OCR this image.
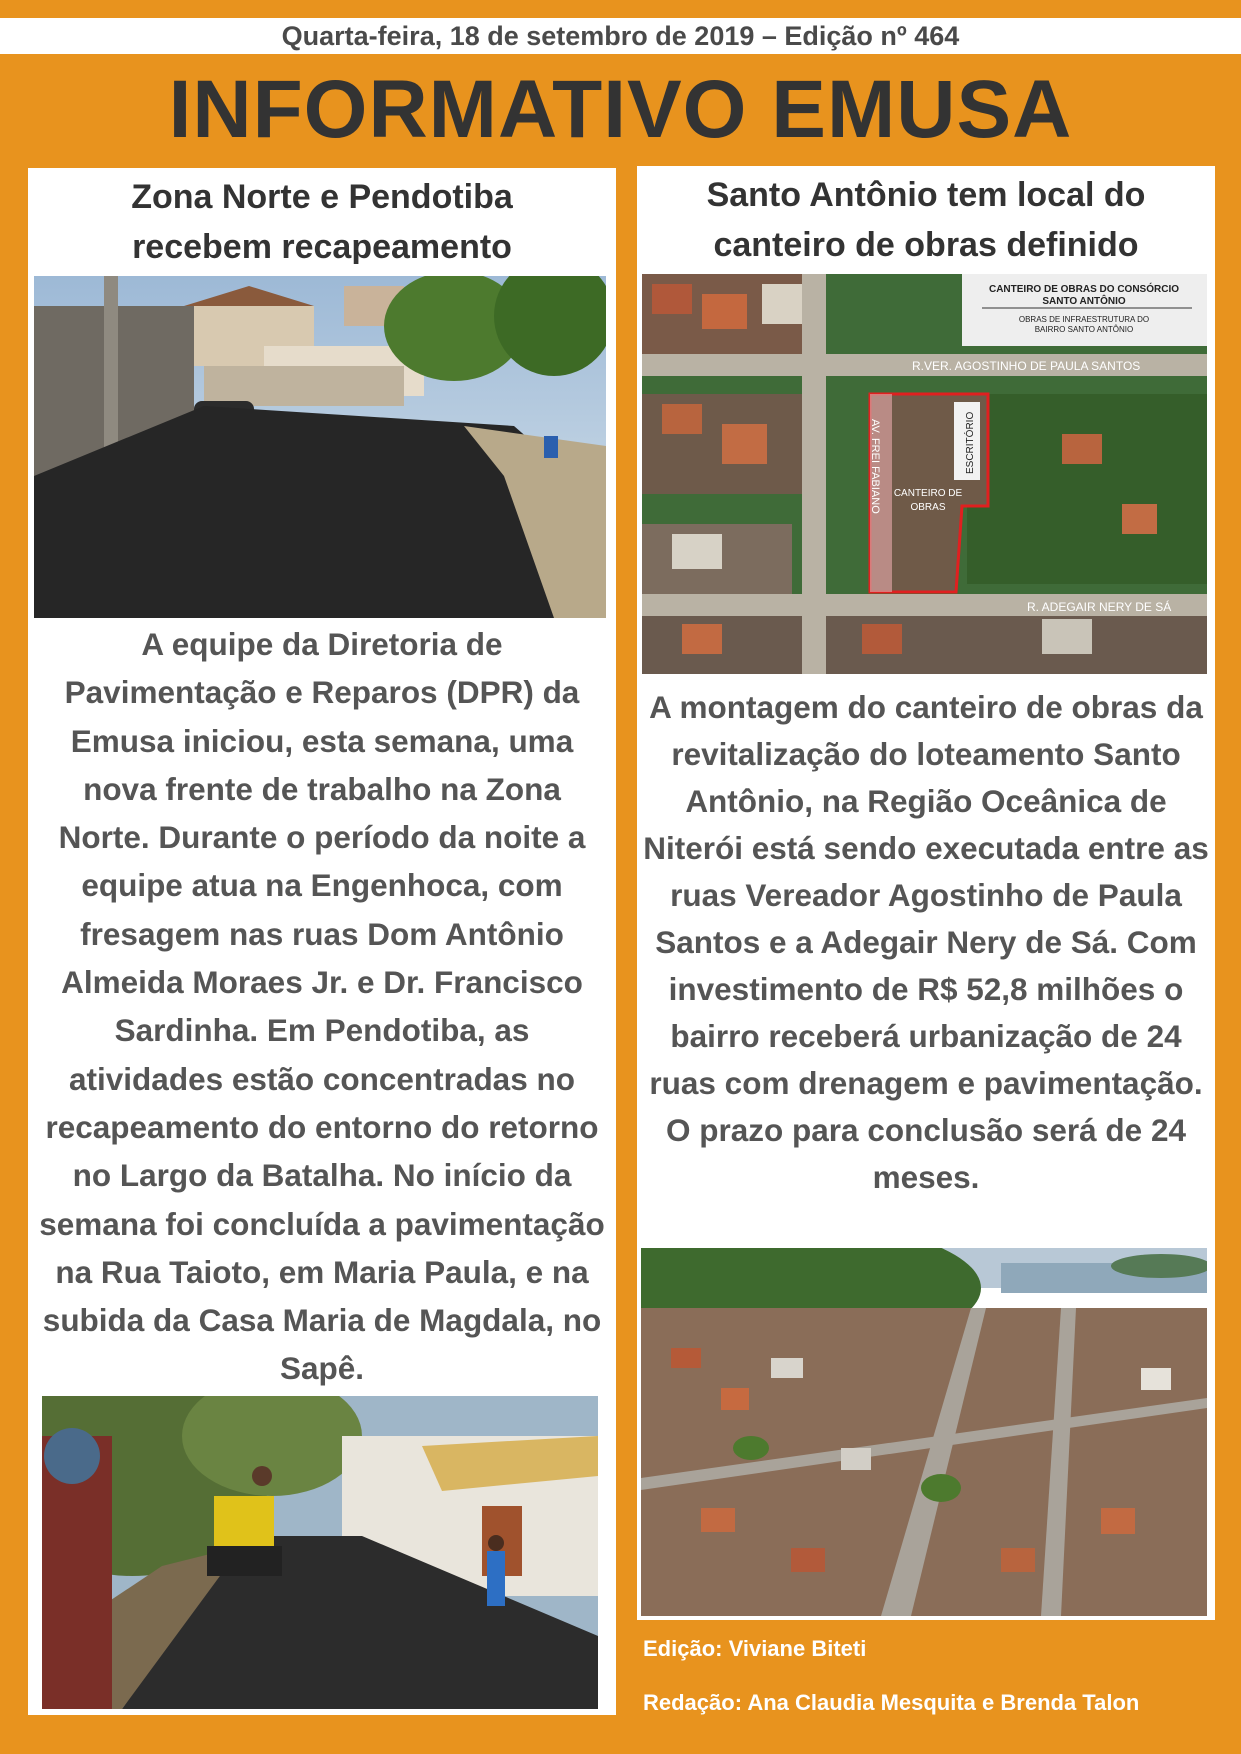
Quarta-feira, 18 de setembro de 2019 – Edição nº 464
INFORMATIVO EMUSA
Zona Norte e Pendotiba
recebem recapeamento

A equipe da Diretoria de Pavimentação e Reparos (DPR) da Emusa iniciou, esta semana, uma nova frente de trabalho na Zona Norte. Durante o período da noite a equipe atua na Engenhoca, com fresagem nas ruas Dom Antônio Almeida Moraes Jr. e Dr. Francisco Sardinha. Em Pendotiba, as atividades estão concentradas no recapeamento do entorno do retorno no Largo da Batalha. No início da semana foi concluída a pavimentação na Rua Taioto, em Maria Paula, e na subida da Casa Maria de Magdala, no Sapê.

Santo Antônio tem local do
canteiro de obras definido
CANTEIRO DE OBRAS DO CONSÓRCIO
SANTO ANTÔNIO
OBRAS DE INFRAESTRUTURA DO
BAIRRO SANTO ANTÔNIO
R.VER. AGOSTINHO DE PAULA SANTOS
R. ADEGAIR NERY DE SÁ
AV. FREI FABIANO	ESCRITÓRIO
CANTEIRO DE
OBRAS

A montagem do canteiro de obras da revitalização do loteamento Santo Antônio, na Região Oceânica de Niterói está sendo executada entre as ruas Vereador Agostinho de Paula Santos e a Adegair Nery de Sá. Com investimento de R$ 52,8 milhões o bairro receberá urbanização de 24 ruas com drenagem e pavimentação. O prazo para conclusão será de 24 meses.

Edição: Viviane Biteti
Redação: Ana Claudia Mesquita e Brenda Talon
